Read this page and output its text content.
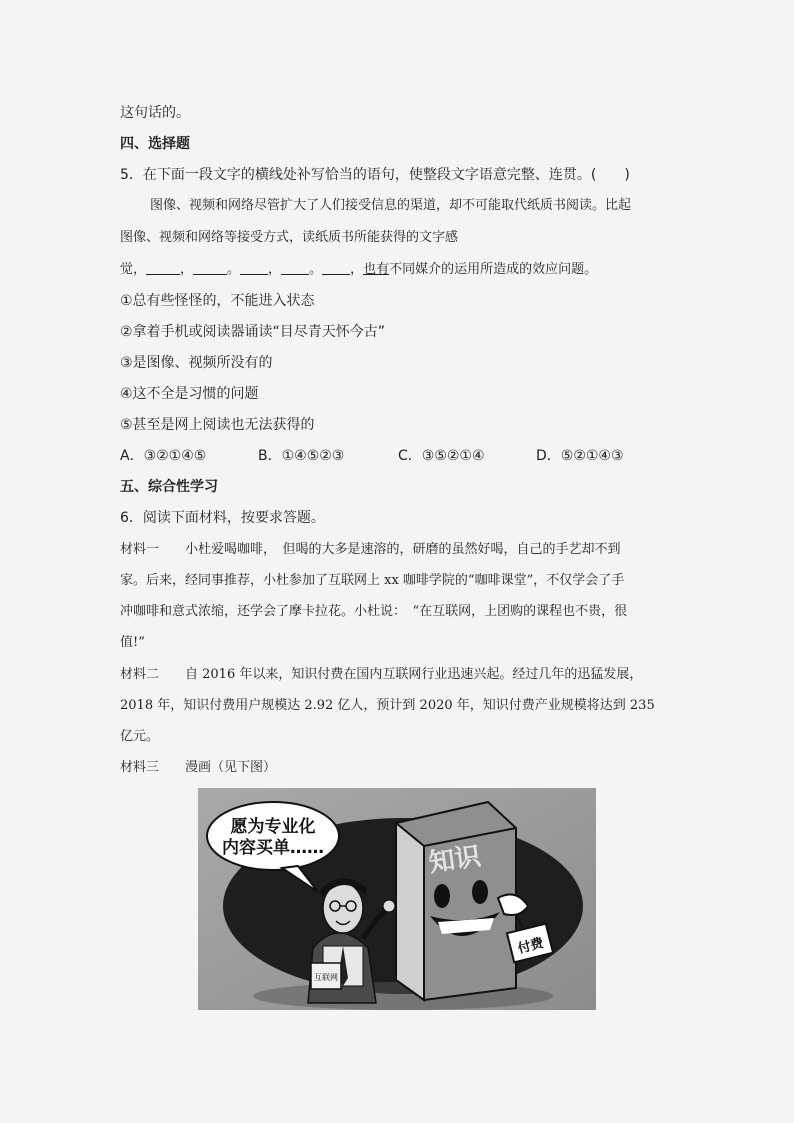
这句话的。
四、选择题
5．在下面一段文字的横线处补写恰当的语句，使整段文字语意完整、连贯。(　　)
图像、视频和网络尽管扩大了人们接受信息的渠道，却不可能取代纸质书阅读。比起
图像、视频和网络等接受方式，读纸质书所能获得的文字感
觉，	，	。 ， 。 ，也有不同媒介的运用所造成的效应问题。
①总有些怪怪的，不能进入状态
②拿着手机或阅读器诵读“目尽青天怀今古”
③是图像、视频所没有的
④这不全是习惯的问题
⑤甚至是网上阅读也无法获得的
A．③②①④⑤	B．①④⑤②③	C．③⑤②①④	D．⑤②①④③
五、综合性学习
6．阅读下面材料，按要求答题。
材料一　　小杜爱喝咖啡，　但喝的大多是速溶的，研磨的虽然好喝，自己的手艺却不到
家。后来，经同事推荐，小杜参加了互联网上 xx 咖啡学院的“咖啡课堂”，不仅学会了手
冲咖啡和意式浓缩，还学会了摩卡拉花。小杜说：　“在互联网，上团购的课程也不贵，很
值!”
材料二　　自 2016 年以来，知识付费在国内互联网行业迅速兴起。经过几年的迅猛发展，
2018 年，知识付费用户规模达 2.92 亿人，预计到 2020 年，知识付费产业规模将达到 235
亿元。
材料三　　漫画（见下图）
愿为专业化
内容买单……
互联网
知识
付费
